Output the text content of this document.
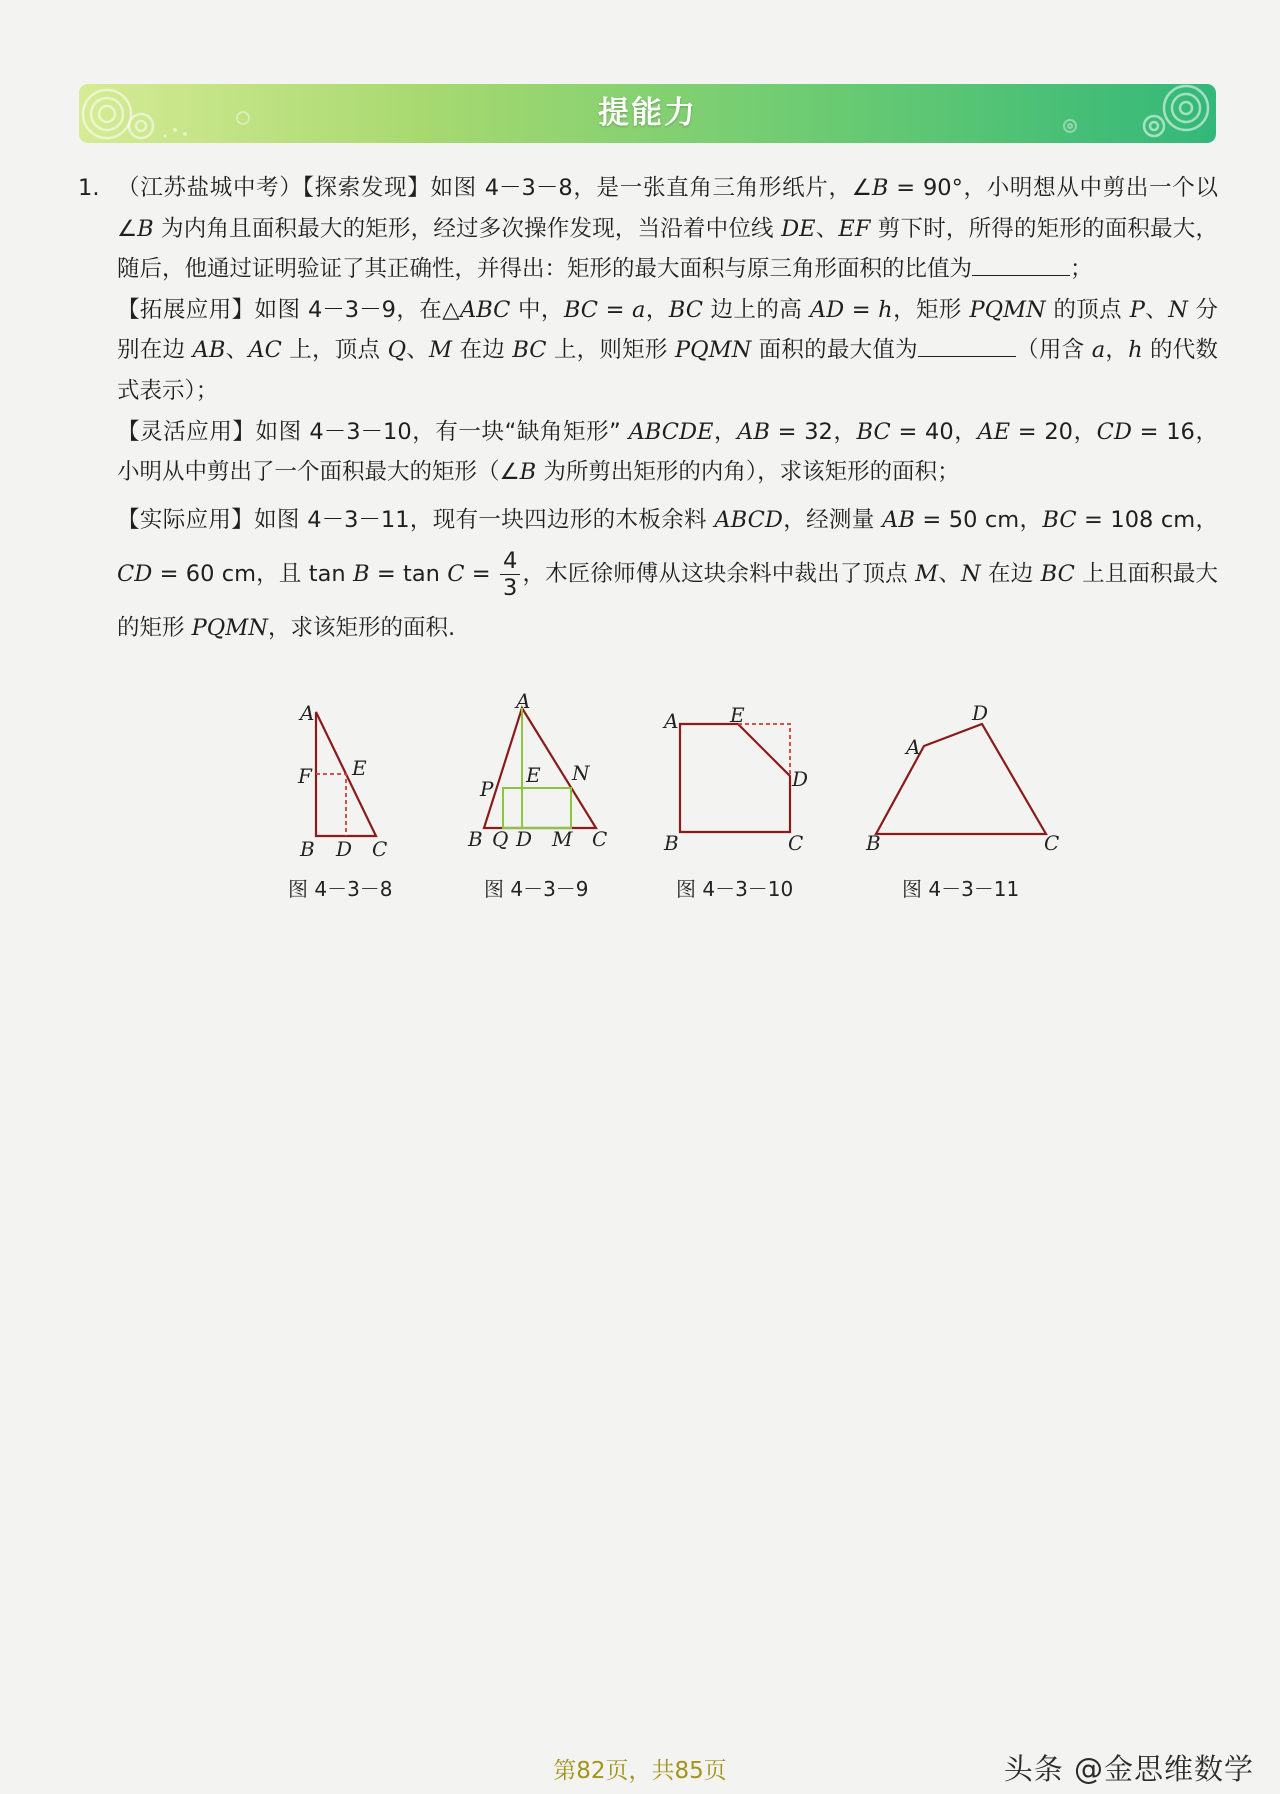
提能力
1. （江苏盐城中考）【探索发现】如图 4－3－8，是一张直角三角形纸片，∠B = 90°，小明想从中剪出一个以∠B 为内角且面积最大的矩形，经过多次操作发现，当沿着中位线 DE、EF 剪下时，所得的矩形的面积最大，随后，他通过证明验证了其正确性，并得出：矩形的最大面积与原三角形面积的比值为	；

【拓展应用】如图 4－3－9，在△ABC 中，BC = a，BC 边上的高 AD = h，矩形 PQMN 的顶点 P、N 分别在边 AB、AC 上，顶点 Q、M 在边 BC 上，则矩形 PQMN 面积的最大值为	（用含 a，h 的代数式表示）；

【灵活应用】如图 4－3－10，有一块“缺角矩形” ABCDE，AB = 32，BC = 40，AE = 20，CD = 16，小明从中剪出了一个面积最大的矩形（∠B 为所剪出矩形的内角），求该矩形的面积；

【实际应用】如图 4－3－11，现有一块四边形的木板余料 ABCD，经测量 AB = 50 cm，BC = 108 cm，CD = 60 cm，且 $\tan B = \tan C = \frac{4}{3}$ ，木匠徐师傅从这块余料中裁出了顶点 M、N 在边 BC 上且面积最大的矩形 PQMN，求该矩形的面积.

A
F E
B D C
图 4－3－8
A
P
E N
B Q D M C
图 4－3－9
A	E
D
B	C
图 4－3－10
D
A
B	C
图 4－3－11
第82页，共85页	头条 @金思维数学
